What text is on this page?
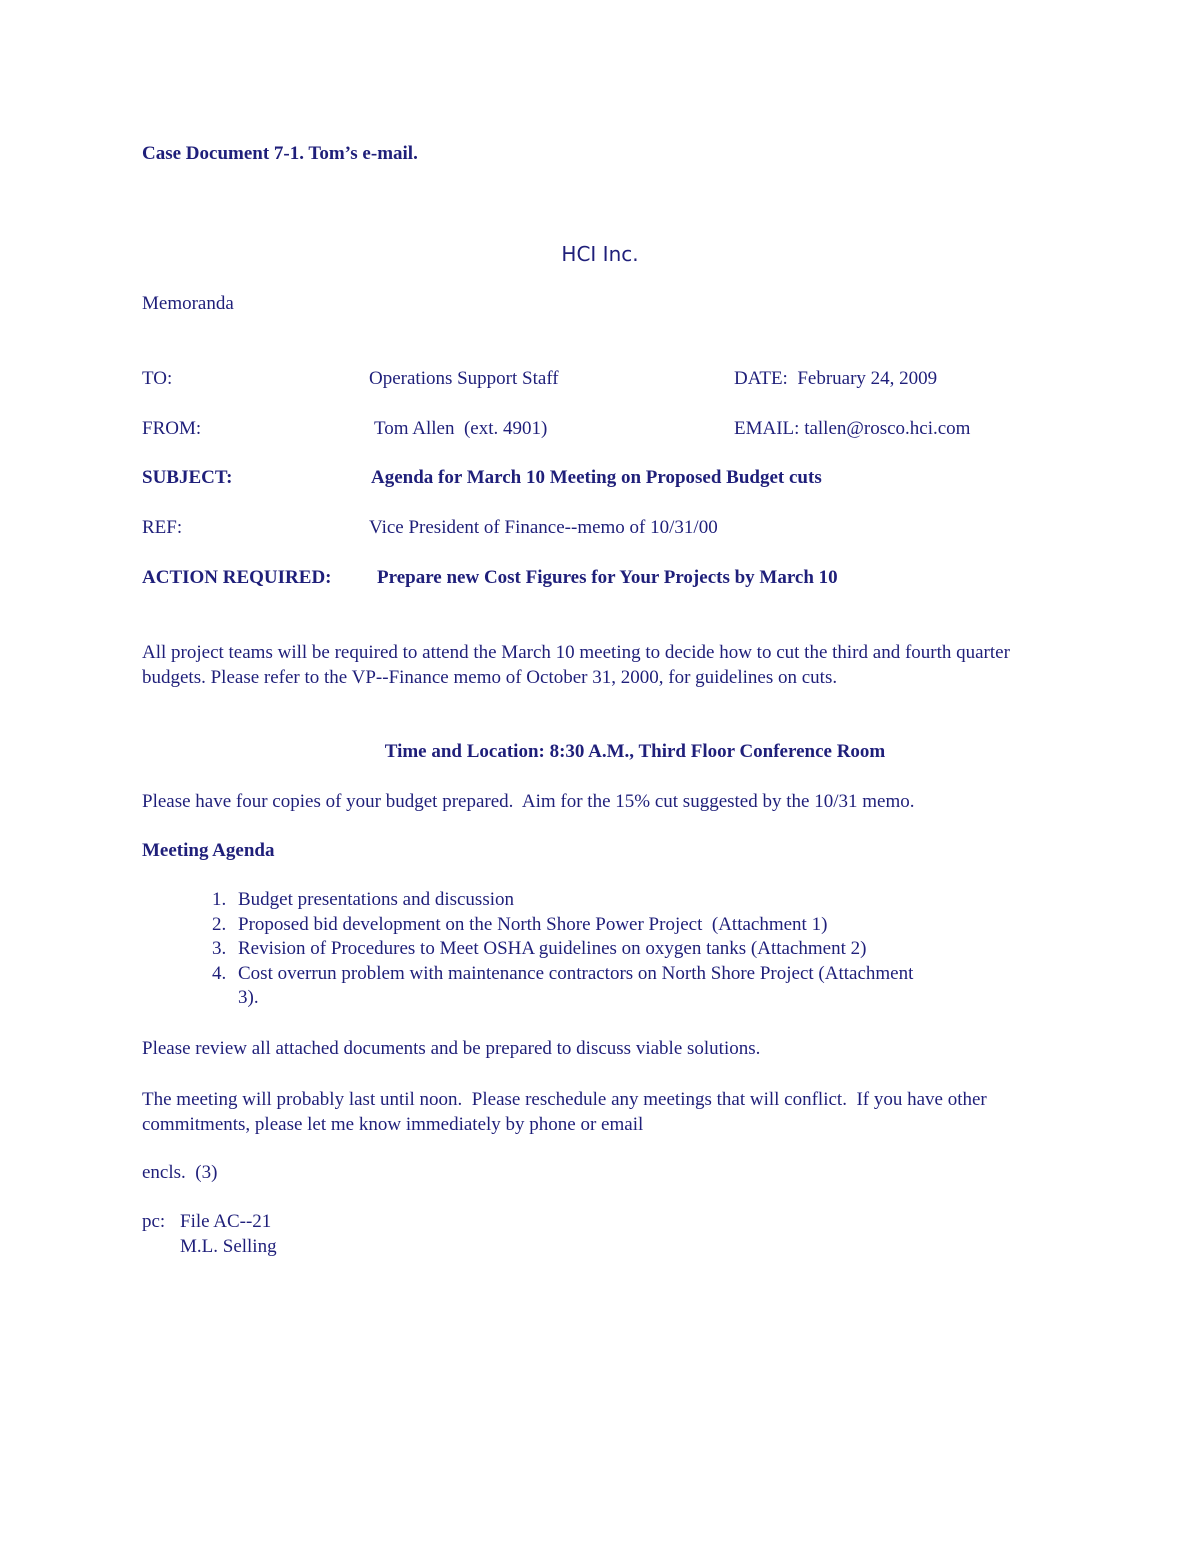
Case Document 7-1. Tom’s e-mail.
HCI Inc.
Memoranda
TO:	Operations Support Staff	DATE: February 24, 2009
FROM:	Tom Allen  (ext. 4901)	EMAIL: tallen@rosco.hci.com
SUBJECT:	Agenda for March 10 Meeting on Proposed Budget cuts
REF:	Vice President of Finance--memo of 10/31/00
ACTION REQUIRED: Prepare new Cost Figures for Your Projects by March 10
All project teams will be required to attend the March 10 meeting to decide how to cut the third and fourth quarter budgets. Please refer to the VP--Finance memo of October 31, 2000, for guidelines on cuts.
Time and Location: 8:30 A.M., Third Floor Conference Room
Please have four copies of your budget prepared.  Aim for the 15% cut suggested by the 10/31 memo.
Meeting Agenda
1. Budget presentations and discussion
2. Proposed bid development on the North Shore Power Project  (Attachment 1)
3. Revision of Procedures to Meet OSHA guidelines on oxygen tanks (Attachment 2)
4. Cost overrun problem with maintenance contractors on North Shore Project (Attachment 3).
Please review all attached documents and be prepared to discuss viable solutions.
The meeting will probably last until noon.  Please reschedule any meetings that will conflict.  If you have other commitments, please let me know immediately by phone or email
encls.  (3)
pc: File AC--21
M.L. Selling
